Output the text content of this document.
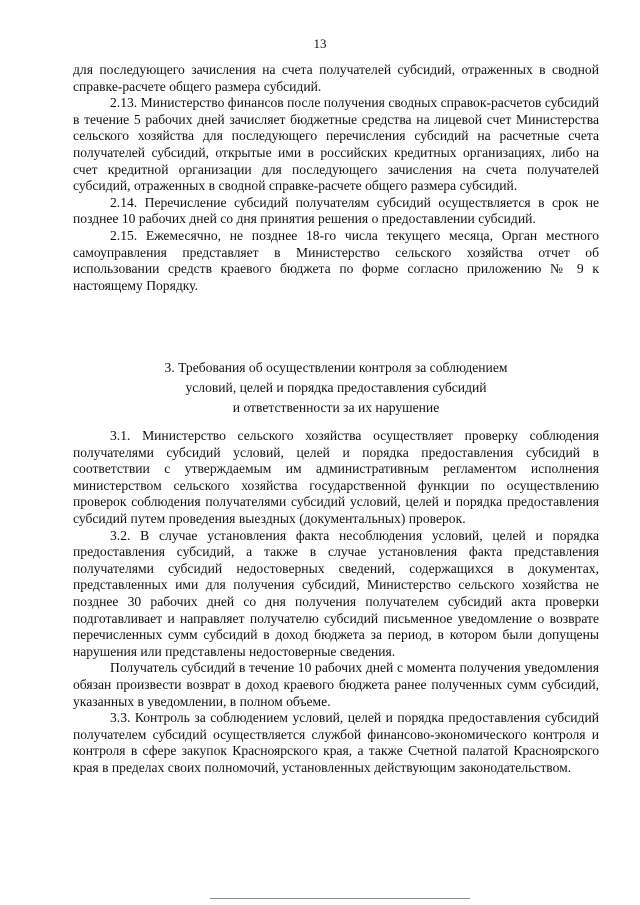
13

для последующего зачисления на счета получателей субсидий, отраженных в сводной справке-расчете общего размера субсидий.

2.13. Министерство финансов после получения сводных справок-расчетов субсидий в течение 5 рабочих дней зачисляет бюджетные средства на лицевой счет Министерства сельского хозяйства для последующего перечисления субсидий на расчетные счета получателей субсидий, открытые ими в российских кредитных организациях, либо на счет кредитной организации для последующего зачисления на счета получателей субсидий, отраженных в сводной справке-расчете общего размера субсидий.

2.14. Перечисление субсидий получателям субсидий осуществляется в срок не позднее 10 рабочих дней со дня принятия решения о предоставлении субсидий.

2.15. Ежемесячно, не позднее 18-го числа текущего месяца, Орган местного самоуправления представляет в Министерство сельского хозяйства отчет об использовании средств краевого бюджета по форме согласно приложению № 9 к настоящему Порядку.

3. Требования об осуществлении контроля за соблюдением
условий, целей и порядка предоставления субсидий
и ответственности за их нарушение

3.1. Министерство сельского хозяйства осуществляет проверку соблюдения получателями субсидий условий, целей и порядка предоставления субсидий в соответствии с утверждаемым им административным регламентом исполнения министерством сельского хозяйства государственной функции по осуществлению проверок соблюдения получателями субсидий условий, целей и порядка предоставления субсидий путем проведения выездных (документальных) проверок.

3.2. В случае установления факта несоблюдения условий, целей и порядка предоставления субсидий, а также в случае установления факта представления получателями субсидий недостоверных сведений, содержащихся в документах, представленных ими для получения субсидий, Министерство сельского хозяйства не позднее 30 рабочих дней со дня получения получателем субсидий акта проверки подготавливает и направляет получателю субсидий письменное уведомление о возврате перечисленных сумм субсидий в доход бюджета за период, в котором были допущены нарушения или представлены недостоверные сведения.

Получатель субсидий в течение 10 рабочих дней с момента получения уведомления обязан произвести возврат в доход краевого бюджета ранее полученных сумм субсидий, указанных в уведомлении, в полном объеме.

3.3. Контроль за соблюдением условий, целей и порядка предоставления субсидий получателем субсидий осуществляется службой финансово-экономического контроля и контроля в сфере закупок Красноярского края, а также Счетной палатой Красноярского края в пределах своих полномочий, установленных действующим законодательством.
